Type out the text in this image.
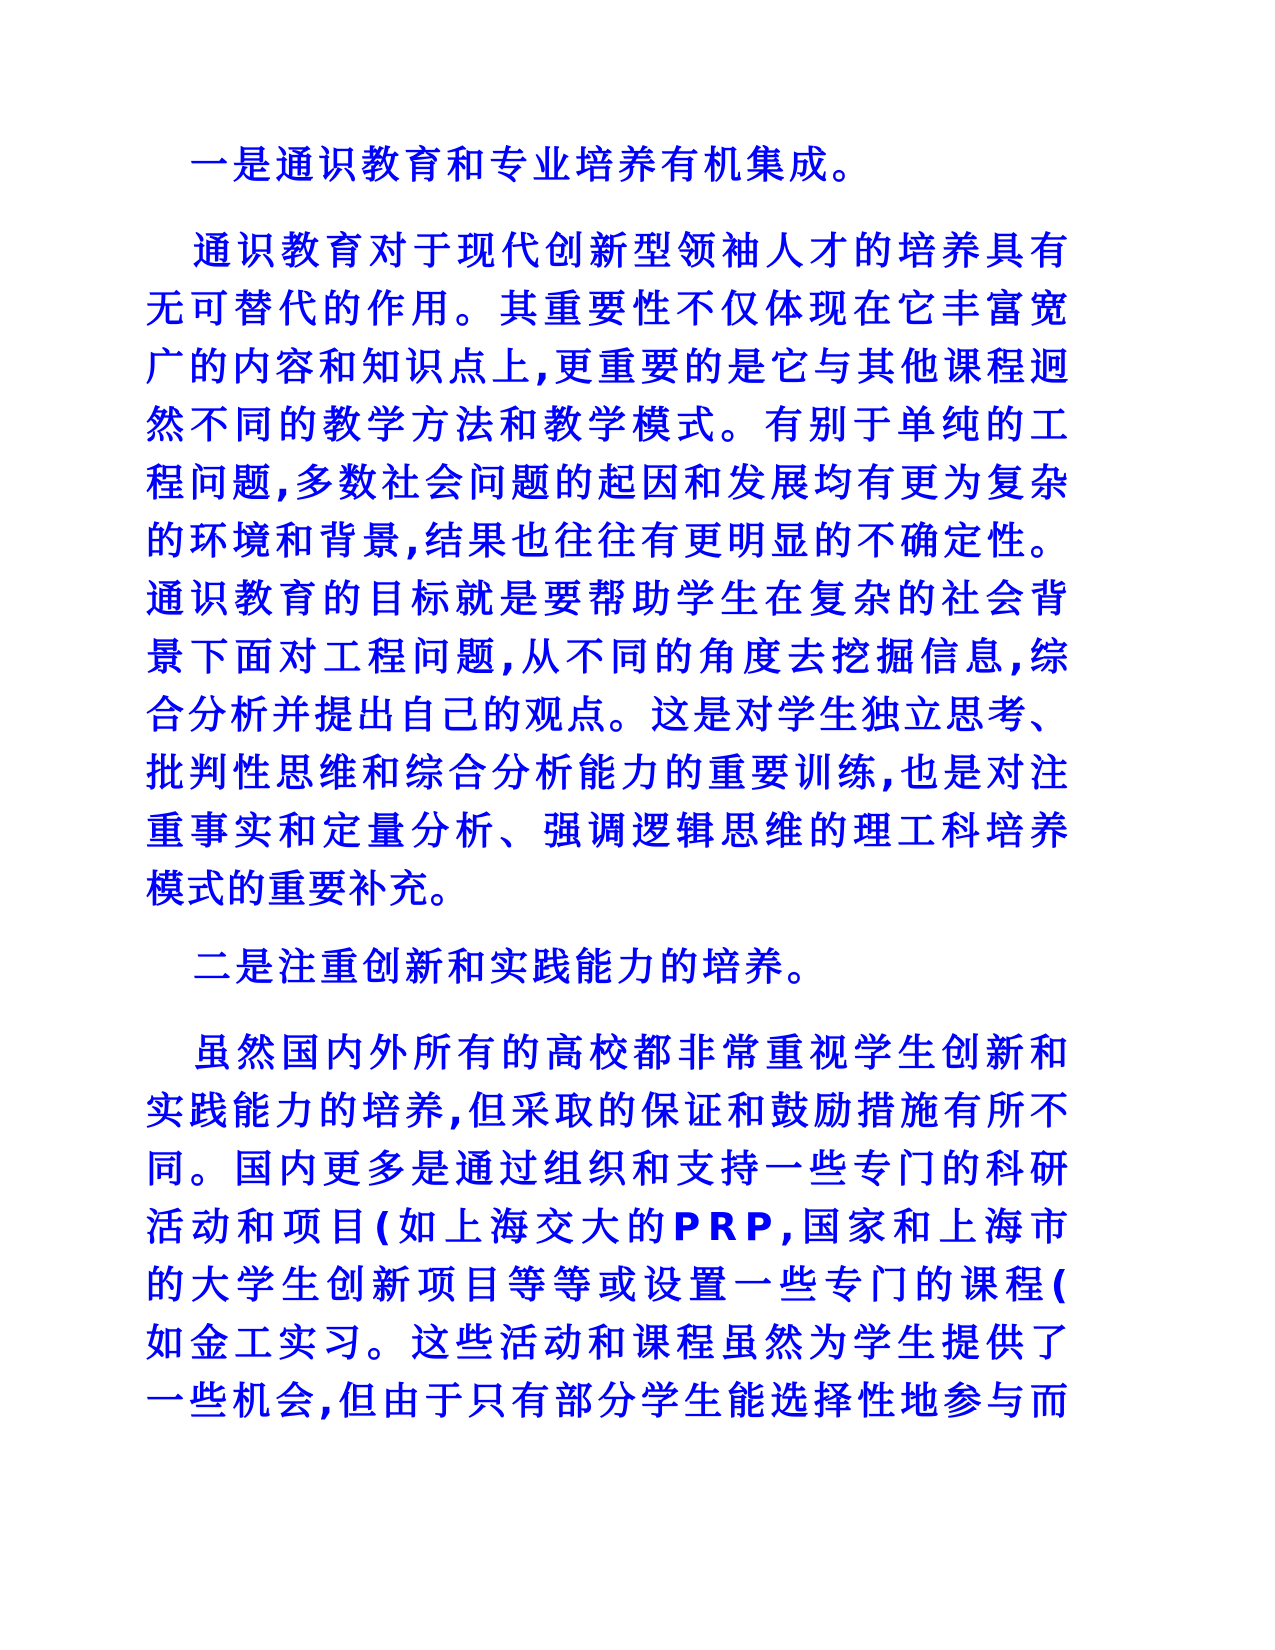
一 是 通 识 教 育 和 专 业 培 养 有 机 集 成 。
通 识 教 育 对 于 现 代 创 新 型 领 袖 人 才 的 培 养 具 有
无 可 替 代 的 作 用 。 其 重 要 性 不 仅 体 现 在 它 丰 富 宽
广 的 内 容 和 知 识 点 上 , 更 重 要 的 是 它 与 其 他 课 程 迥
然 不 同 的 教 学 方 法 和 教 学 模 式 。 有 别 于 单 纯 的 工
程 问 题 , 多 数 社 会 问 题 的 起 因 和 发 展 均 有 更 为 复 杂
的 环 境 和 背 景 , 结 果 也 往 往 有 更 明 显 的 不 确 定 性 。
通 识 教 育 的 目 标 就 是 要 帮 助 学 生 在 复 杂 的 社 会 背
景 下 面 对 工 程 问 题 , 从 不 同 的 角 度 去 挖 掘 信 息 , 综
合 分 析 并 提 出 自 己 的 观 点 。 这 是 对 学 生 独 立 思 考 、
批 判 性 思 维 和 综 合 分 析 能 力 的 重 要 训 练 , 也 是 对 注
重 事 实 和 定 量 分 析 、 强 调 逻 辑 思 维 的 理 工 科 培 养
模 式 的 重 要 补 充 。
二 是 注 重 创 新 和 实 践 能 力 的 培 养 。
虽 然 国 内 外 所 有 的 高 校 都 非 常 重 视 学 生 创 新 和
实 践 能 力 的 培 养 , 但 采 取 的 保 证 和 鼓 励 措 施 有 所 不
同 。 国 内 更 多 是 通 过 组 织 和 支 持 一 些 专 门 的 科 研
活 动 和 项 目 ( 如 上 海 交 大 的 P R P , 国 家 和 上 海 市
的 大 学 生 创 新 项 目 等 等 或 设 置 一 些 专 门 的 课 程 (
如 金 工 实 习 。 这 些 活 动 和 课 程 虽 然 为 学 生 提 供 了
一 些 机 会 , 但 由 于 只 有 部 分 学 生 能 选 择 性 地 参 与 而
